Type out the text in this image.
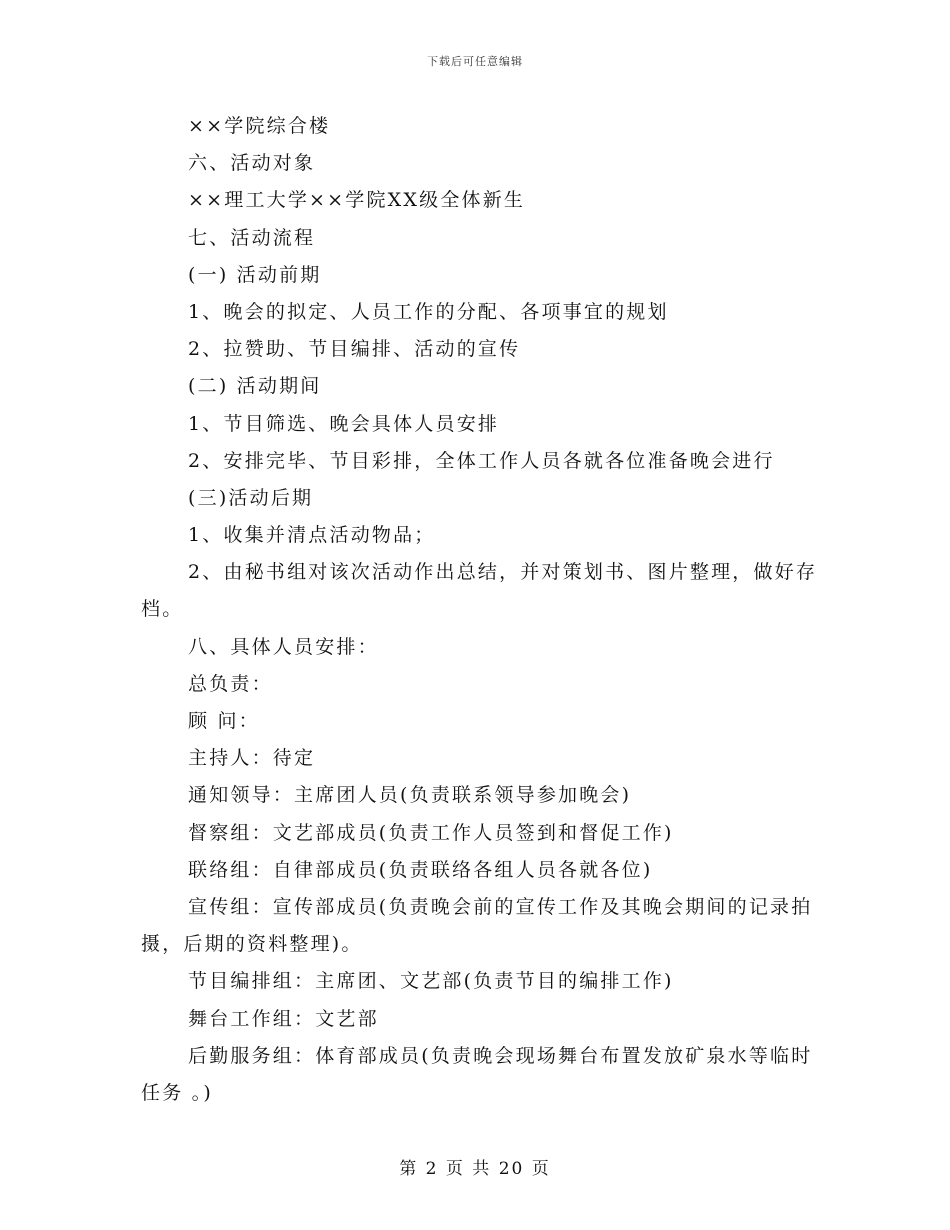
下载后可任意编辑
××学院综合楼
六、活动对象
××理工大学××学院XX级全体新生
七、活动流程
(一) 活动前期
1、晚会的拟定、人员工作的分配、各项事宜的规划
2、拉赞助、节目编排、活动的宣传
(二) 活动期间
1、节目筛选、晚会具体人员安排
2、安排完毕、节目彩排，全体工作人员各就各位准备晚会进行
(三)活动后期
1、收集并清点活动物品；
2、由秘书组对该次活动作出总结，并对策划书、图片整理，做好存档。
八、具体人员安排：
总负责：
顾 问：
主持人：待定
通知领导：主席团人员(负责联系领导参加晚会)
督察组：文艺部成员(负责工作人员签到和督促工作)
联络组：自律部成员(负责联络各组人员各就各位)
宣传组：宣传部成员(负责晚会前的宣传工作及其晚会期间的记录拍摄，后期的资料整理)。
节目编排组：主席团、文艺部(负责节目的编排工作)
舞台工作组：文艺部
后勤服务组：体育部成员(负责晚会现场舞台布置发放矿泉水等临时任务 。)
第 2 页 共 20 页
